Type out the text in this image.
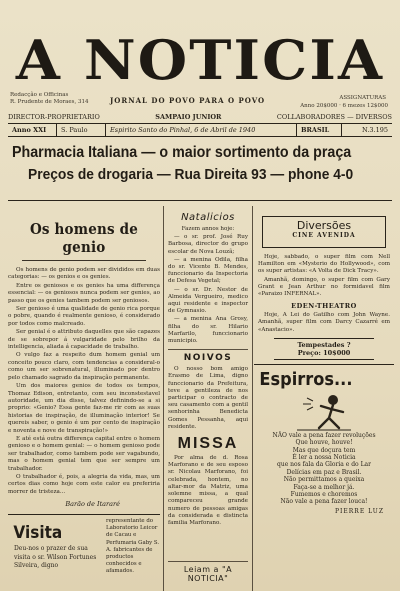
A NOTICIA
Redacção e Officinas
R. Prudente de Moraes, 314	JORNAL DO POVO PARA O POVO	ASSIGNATURAS
Anno 20$000 · 6 mezes 12$000
DIRECTOR-PROPRIETARIO	SAMPAIO JUNIOR	COLLABORADORES — DIVERSOS
Anno XXI	S. Paulo	Espirito Santo do Pinhal, 6 de Abril de 1940	BRASIL	N.3.195
Pharmacia Italiana — o maior sortimento da praça
Preços de drogaria — Rua Direita 93 — phone 4-0
Os homens de genio

Os homens de genio podem ser divididos em duas categorias: — os genios e os genies.

Entre os geniosos e os genies ha uma differença essencial: — os geniosos nunca podem ser genies, ao passo que os genies tambem podem ser geniosos.

Ser genioso é uma qualidade de genio rica porque o pobre, quando é realmente genioso, é considerado por todos como malcreado.

Ser genial é o attributo daquelles que são capazes de se sobrepor á vulgaridade pelo brilho da intelligencia, aliada á capacidade de trabalho.

O vulgo faz a respeito dum homem genial um conceito pouco claro, com tendencias a consideral-o como um ser sobrenatural, illuminado por dentro pelo chamado sagrado da inspiração permanente.

Um dos maiores genios de todos os tempos, Thomaz Edison, entretanto, com seu inconstestavel autoridade, um dia disse, talvez definindo-se a si proprio: «Genio? Essa gente faz-me rir com as suas historias de inspiração, de illuminação interior! Se quereis saber, o genio é um por cento de inspiração e noventa e nove de transpiração!»

E até está outra differença capital entre o homem genioso e o homem genial: — o homem genioso pode ser trabalhador, como tambem pode ser vagabundo, mas o homem genial tem que ser sempre um trabalhador.

O trabalhador é, pois, a alegria da vida, mas, um certos dias como hoje com este calor eu preferiria morrer de tristeza...

Barão de Itararé
Visita
Deu-nos o prazer de sua visita o sr. Wilson Fortunes Silveira, digno
representante do Laboratorio Leicor de Cacau e Perfumaria Gaby S. A. fabricantes de productos conhecidos e afamados.
Natalicios

Fazem annos hoje:

— o sr. prof. José Ruy Barbosa, director do grupo escolar de Nova Louzã;

— a menina Odila, filha do sr. Vicente B. Mendes, funccionario da Inspectoria de Defesa Vegetal;

— o sr. Dr. Nestor de Almeida Vergueiro, medico aqui residente e inspector de Gymnasio.

— a menina Ana Grosy, filha do sr. Hilario Marfarilo, funccionario municipio.

NOIVOS

O nosso bom amigo Erasmo de Lima, digno funccionario da Prefeitura, teve a gentileza de nos participar o contracto de seu casamento com a gentil senhorinha Benedicta Gomes Pessanha, aqui residente.

MISSA

Por alma de d. Rosa Marforano e de seu esposo sr. Nicolau Marforano, foi celebrada, hontem, no altar-mor da Matriz, uma solemne missa, a qual compareceu grande numero de pessoas amigas da considerada e distincta familia Marforano.

Leiam a "A NOTICIA"
Diversões
CINE AVENIDA

Hoje, sabbado, o super film com Nell Hamilton em «Mysterio do Hollywood», com os super artistas: «A Volta de Dick Tracy».

Amanhã, domingo, o super film com Gary Grant e Jean Arthur no formidavel film «Paraizo INFERNAL».

EDEN-THEATRO

Hoje, A Lei do Gatilho com John Wayne. Amanhã, super film com Darcy Cazarré em «Anastacio».

Tempestades ?
Preço: 10$000
Espirros...
NÃO vale a pena fazer revoluções
Que houve, houve!
Mas que doçura tem
É ler a nossa Noticia
que nos fala da Gloria e do Lar
Delícias em paz e Brasil.
Não permittamos a queixa
Faça-se a melhor já.
Fumemos e choremos
Não vale a pena fazer louca!
PIERRE LUZ
